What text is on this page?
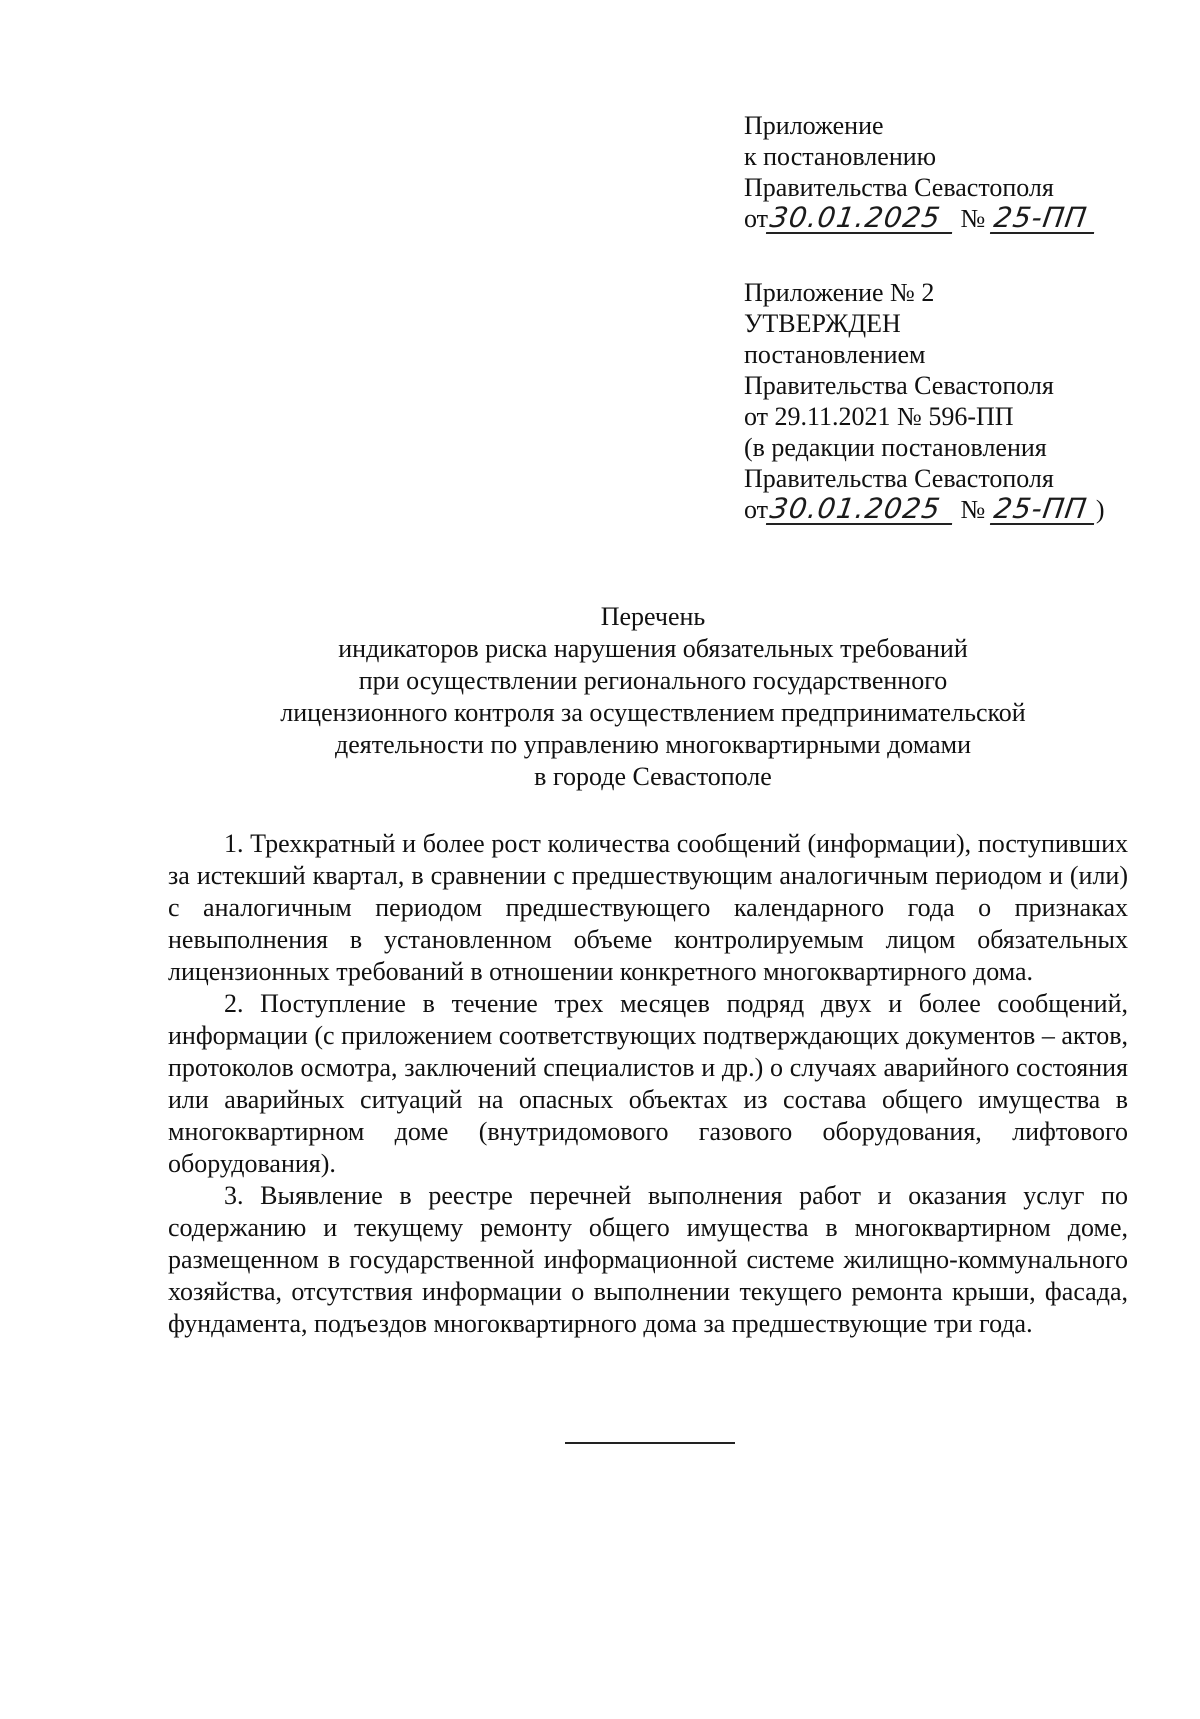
Приложение
к постановлению
Правительства Севастополя
от30.01.2025 № 25-ПП
Приложение № 2
УТВЕРЖДЕН
постановлением
Правительства Севастополя
от 29.11.2021 № 596-ПП
(в редакции постановления
Правительства Севастополя
от30.01.2025 № 25-ПП )
Перечень
индикаторов риска нарушения обязательных требований
при осуществлении регионального государственного
лицензионного контроля за осуществлением предпринимательской
деятельности по управлению многоквартирными домами
в городе Севастополе

1. Трехкратный и более рост количества сообщений (информации), поступивших за истекший квартал, в сравнении с предшествующим аналогичным периодом и (или) с аналогичным периодом предшествующего календарного года о признаках невыполнения в установленном объеме контролируемым лицом обязательных лицензионных требований в отношении конкретного многоквартирного дома.

2. Поступление в течение трех месяцев подряд двух и более сообщений, информации (с приложением соответствующих подтверждающих документов – актов, протоколов осмотра, заключений специалистов и др.) о случаях аварийного состояния или аварийных ситуаций на опасных объектах из состава общего имущества в многоквартирном доме (внутридомового газового оборудования, лифтового оборудования).

3. Выявление в реестре перечней выполнения работ и оказания услуг по содержанию и текущему ремонту общего имущества в многоквартирном доме, размещенном в государственной информационной системе жилищно-коммунального хозяйства, отсутствия информации о выполнении текущего ремонта крыши, фасада, фундамента, подъездов многоквартирного дома за предшествующие три года.
